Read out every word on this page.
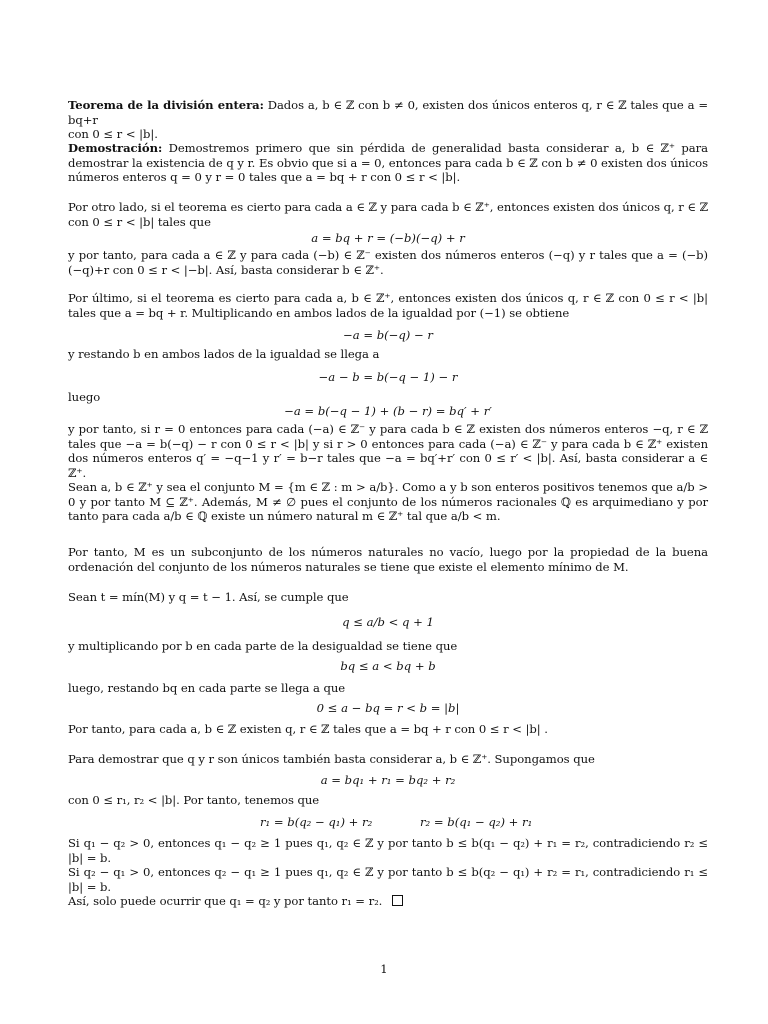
Teorema de la división entera: Dados a, b ∈ ℤ con b ≠ 0, existen dos únicos enteros q, r ∈ ℤ tales que a = bq+r
con 0 ≤ r < |b|.
Demostración: Demostremos primero que sin pérdida de generalidad basta considerar a, b ∈ ℤ⁺ para demostrar la existencia de q y r. Es obvio que si a = 0, entonces para cada b ∈ ℤ con b ≠ 0 existen dos únicos números enteros q = 0 y r = 0 tales que a = bq + r con 0 ≤ r < |b|.
Por otro lado, si el teorema es cierto para cada a ∈ ℤ y para cada b ∈ ℤ⁺, entonces existen dos únicos q, r ∈ ℤ con 0 ≤ r < |b| tales que
a = bq + r = (−b)(−q) + r
y por tanto, para cada a ∈ ℤ y para cada (−b) ∈ ℤ⁻ existen dos números enteros (−q) y r tales que a = (−b)(−q)+r con 0 ≤ r < |−b|. Así, basta considerar b ∈ ℤ⁺.
Por último, si el teorema es cierto para cada a, b ∈ ℤ⁺, entonces existen dos únicos q, r ∈ ℤ con 0 ≤ r < |b| tales que a = bq + r. Multiplicando en ambos lados de la igualdad por (−1) se obtiene
−a = b(−q) − r
y restando b en ambos lados de la igualdad se llega a
−a − b = b(−q − 1) − r
luego
−a = b(−q − 1) + (b − r) = bq′ + r′
y por tanto, si r = 0 entonces para cada (−a) ∈ ℤ⁻ y para cada b ∈ ℤ existen dos números enteros −q, r ∈ ℤ tales que −a = b(−q) − r con 0 ≤ r < |b| y si r > 0 entonces para cada (−a) ∈ ℤ⁻ y para cada b ∈ ℤ⁺ existen dos números enteros q′ = −q−1 y r′ = b−r tales que −a = bq′+r′ con 0 ≤ r′ < |b|. Así, basta considerar a ∈ ℤ⁺.
Sean a, b ∈ ℤ⁺ y sea el conjunto M = {m ∈ ℤ : m > a/b}. Como a y b son enteros positivos tenemos que a/b > 0 y por tanto M ⊆ ℤ⁺. Además, M ≠ ∅ pues el conjunto de los números racionales ℚ es arquimediano y por tanto para cada a/b ∈ ℚ existe un número natural m ∈ ℤ⁺ tal que a/b < m.
Por tanto, M es un subconjunto de los números naturales no vacío, luego por la propiedad de la buena ordenación del conjunto de los números naturales se tiene que existe el elemento mínimo de M.
Sean t = mín(M) y q = t − 1. Así, se cumple que
q ≤ a/b < q + 1
y multiplicando por b en cada parte de la desigualdad se tiene que
bq ≤ a < bq + b
luego, restando bq en cada parte se llega a que
0 ≤ a − bq = r < b = |b|
Por tanto, para cada a, b ∈ ℤ existen q, r ∈ ℤ tales que a = bq + r con 0 ≤ r < |b| .
Para demostrar que q y r son únicos también basta considerar a, b ∈ ℤ⁺. Supongamos que
a = bq₁ + r₁ = bq₂ + r₂
con 0 ≤ r₁, r₂ < |b|. Por tanto, tenemos que
r₁ = b(q₂ − q₁) + r₂	r₂ = b(q₁ − q₂) + r₁
Si q₁ − q₂ > 0, entonces q₁ − q₂ ≥ 1 pues q₁, q₂ ∈ ℤ y por tanto b ≤ b(q₁ − q₂) + r₁ = r₂, contradiciendo r₂ ≤ |b| = b.
Si q₂ − q₁ > 0, entonces q₂ − q₁ ≥ 1 pues q₁, q₂ ∈ ℤ y por tanto b ≤ b(q₂ − q₁) + r₂ = r₁, contradiciendo r₁ ≤ |b| = b.
Así, solo puede ocurrir que q₁ = q₂ y por tanto r₁ = r₂.
1
